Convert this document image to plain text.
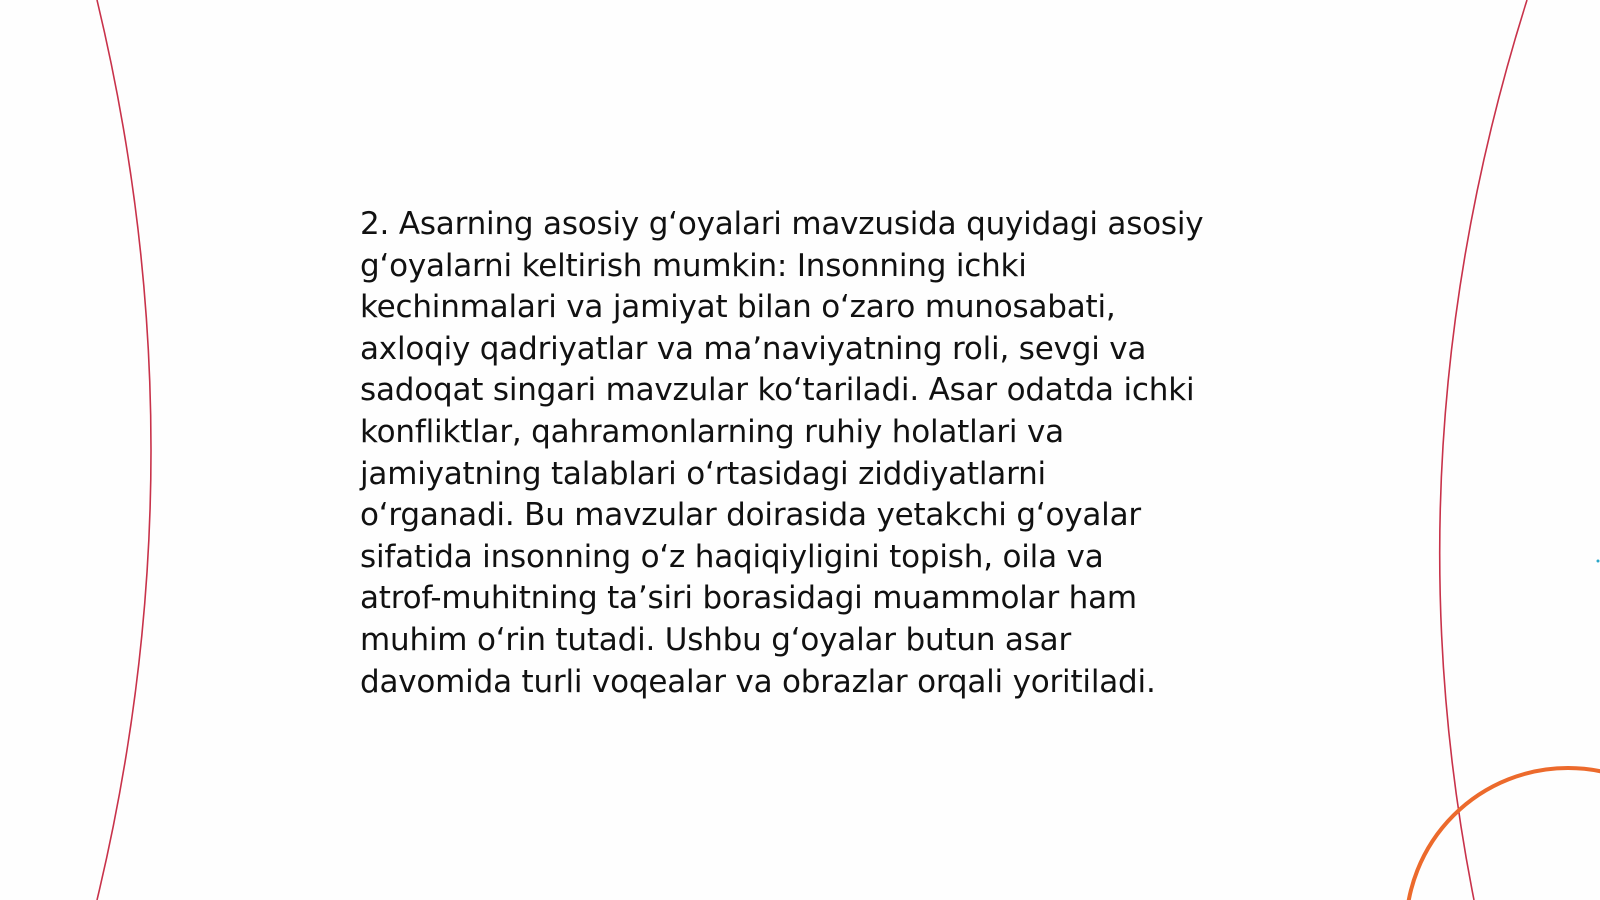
2. Asarning asosiy g‘oyalari mavzusida quyidagi asosiy
g‘oyalarni keltirish mumkin: Insonning ichki
kechinmalari va jamiyat bilan o‘zaro munosabati,
axloqiy qadriyatlar va ma’naviyatning roli, sevgi va
sadoqat singari mavzular ko‘tariladi. Asar odatda ichki
konfliktlar, qahramonlarning ruhiy holatlari va
jamiyatning talablari o‘rtasidagi ziddiyatlarni
o‘rganadi. Bu mavzular doirasida yetakchi g‘oyalar
sifatida insonning o‘z haqiqiyligini topish, oila va
atrof-muhitning ta’siri borasidagi muammolar ham
muhim o‘rin tutadi. Ushbu g‘oyalar butun asar
davomida turli voqealar va obrazlar orqali yoritiladi.
